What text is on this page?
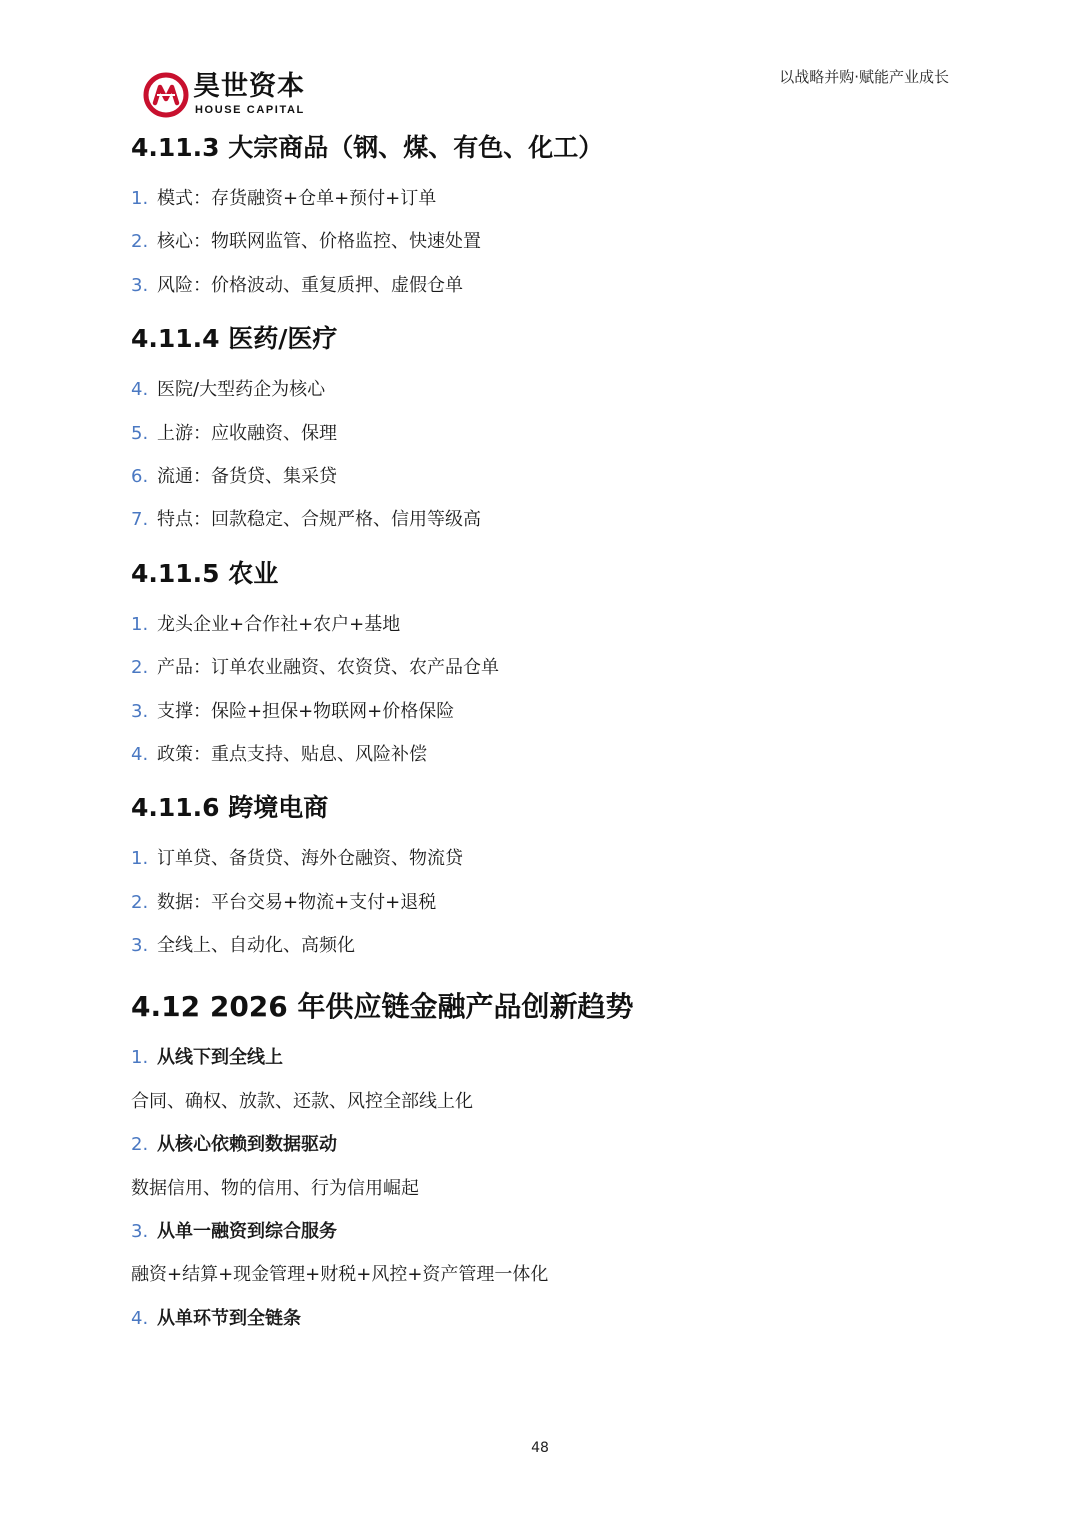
昊世资本
HOUSE CAPITAL
以战略并购·赋能产业成长
4.11.3 大宗商品（钢、煤、有色、化工）
1. 模式：存货融资+仓单+预付+订单
2. 核心：物联网监管、价格监控、快速处置
3. 风险：价格波动、重复质押、虚假仓单
4.11.4 医药/医疗
4. 医院/大型药企为核心
5. 上游：应收融资、保理
6. 流通：备货贷、集采贷
7. 特点：回款稳定、合规严格、信用等级高
4.11.5 农业
1. 龙头企业+合作社+农户+基地
2. 产品：订单农业融资、农资贷、农产品仓单
3. 支撑：保险+担保+物联网+价格保险
4. 政策：重点支持、贴息、风险补偿
4.11.6 跨境电商
1. 订单贷、备货贷、海外仓融资、物流贷
2. 数据：平台交易+物流+支付+退税
3. 全线上、自动化、高频化
4.12 2026 年供应链金融产品创新趋势
1. 从线下到全线上
合同、确权、放款、还款、风控全部线上化
2. 从核心依赖到数据驱动
数据信用、物的信用、行为信用崛起
3. 从单一融资到综合服务
融资+结算+现金管理+财税+风控+资产管理一体化
4. 从单环节到全链条
48
